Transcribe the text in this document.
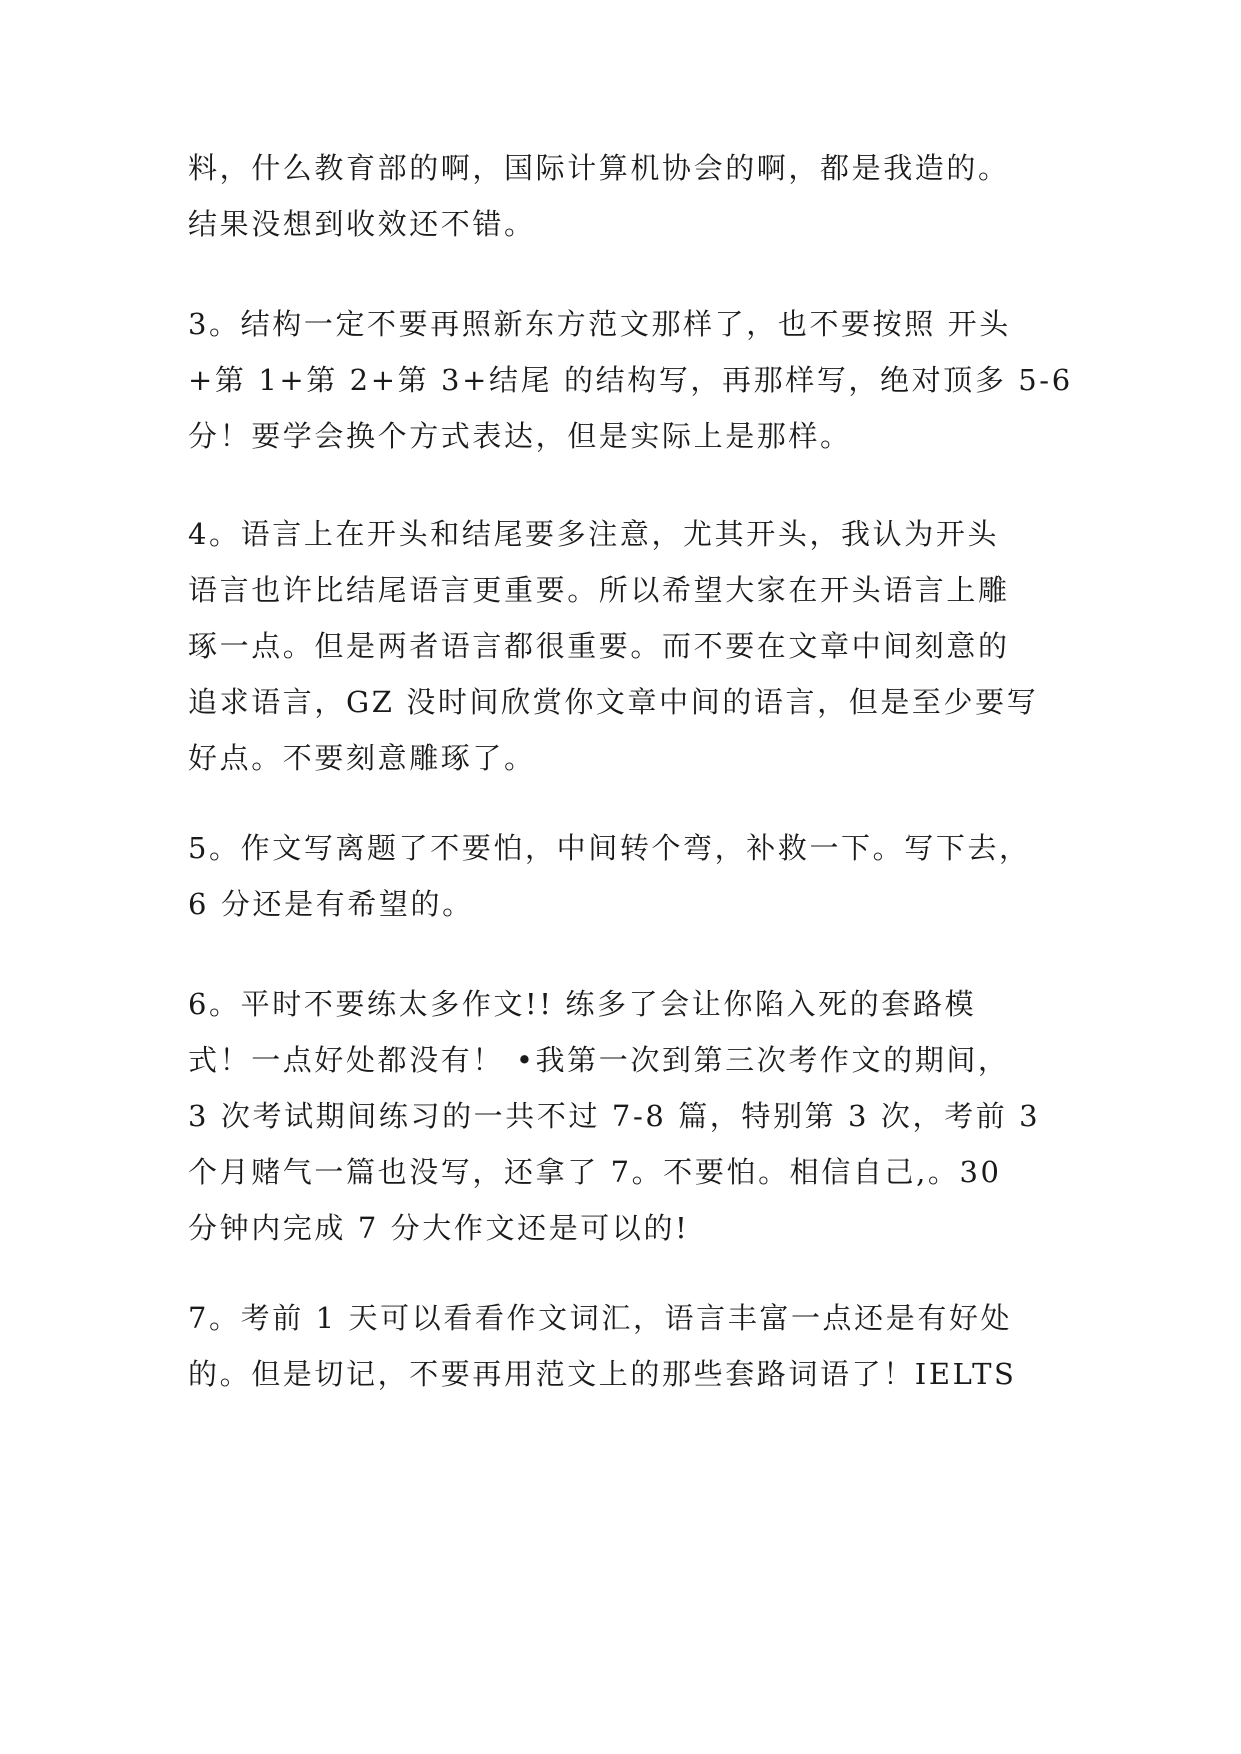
料，什么教育部的啊，国际计算机协会的啊，都是我造的。
结果没想到收效还不错。
3。结构一定不要再照新东方范文那样了，也不要按照 开头
+第 1+第 2+第 3+结尾 的结构写，再那样写，绝对顶多 5-6
分！要学会换个方式表达，但是实际上是那样。
4。语言上在开头和结尾要多注意，尤其开头，我认为开头
语言也许比结尾语言更重要。所以希望大家在开头语言上雕
琢一点。但是两者语言都很重要。而不要在文章中间刻意的
追求语言，GZ 没时间欣赏你文章中间的语言，但是至少要写
好点。不要刻意雕琢了。
5。作文写离题了不要怕，中间转个弯，补救一下。写下去，
6 分还是有希望的。
6。平时不要练太多作文!! 练多了会让你陷入死的套路模
式！一点好处都没有！ •我第一次到第三次考作文的期间，
3 次考试期间练习的一共不过 7-8 篇，特别第 3 次，考前 3
个月赌气一篇也没写，还拿了 7。不要怕。相信自己,。30
分钟内完成 7 分大作文还是可以的!
7。考前 1 天可以看看作文词汇，语言丰富一点还是有好处
的。但是切记，不要再用范文上的那些套路词语了！IELTS
